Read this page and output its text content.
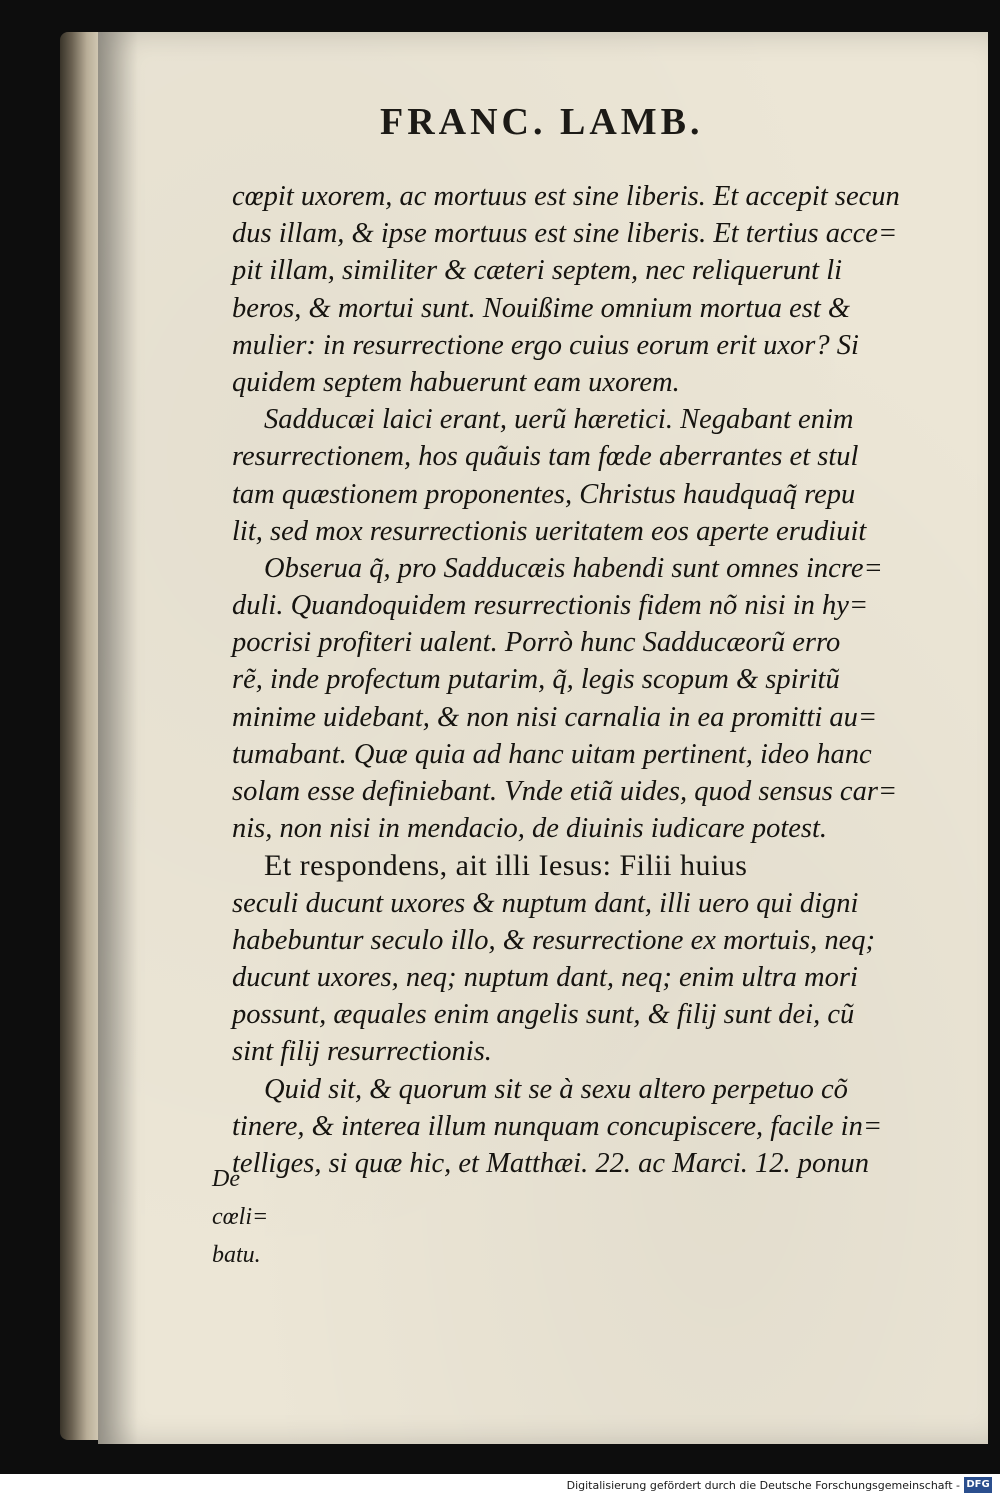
FRANC. LAMB.
cœpit uxorem, ac mortuus est sine liberis. Et accepit secun
dus illam, & ipse mortuus est sine liberis. Et tertius acce=
pit illam, similiter & cæteri septem, nec reliquerunt li
beros, & mortui sunt. Nouißime omnium mortua est &
mulier: in resurrectione ergo cuius eorum erit uxor? Si
quidem septem habuerunt eam uxorem.
Sadducæi laici erant, uerũ hæretici. Negabant enim
resurrectionem, hos quãuis tam fœde aberrantes et stul
tam quæstionem proponentes, Christus haudquaq̃ repu
lit, sed mox resurrectionis ueritatem eos aperte erudiuit
Obserua q̃, pro Sadducæis habendi sunt omnes incre=
duli. Quandoquidem resurrectionis fidem nõ nisi in hy=
pocrisi profiteri ualent. Porrò hunc Sadducæorũ erro
rẽ, inde profectum putarim, q̃, legis scopum & spiritũ
minime uidebant, & non nisi carnalia in ea promitti au=
tumabant. Quæ quia ad hanc uitam pertinent, ideo hanc
solam esse definiebant. Vnde etiã uides, quod sensus car=
nis, non nisi in mendacio, de diuinis iudicare potest.
Et respondens, ait illi Iesus: Filii huius
seculi ducunt uxores & nuptum dant, illi uero qui digni
habebuntur seculo illo, & resurrectione ex mortuis, neq;
ducunt uxores, neq; nuptum dant, neq; enim ultra mori
possunt, æquales enim angelis sunt, & filij sunt dei, cũ
sint filij resurrectionis.
Quid sit, & quorum sit se à sexu altero perpetuo cõ
tinere, & interea illum nunquam concupiscere, facile in=
telliges, si quæ hic, et Matthæi. 22. ac Marci. 12. ponun
De cœli=
batu.
Digitalisierung gefördert durch die Deutsche Forschungsgemeinschaft - DFG
